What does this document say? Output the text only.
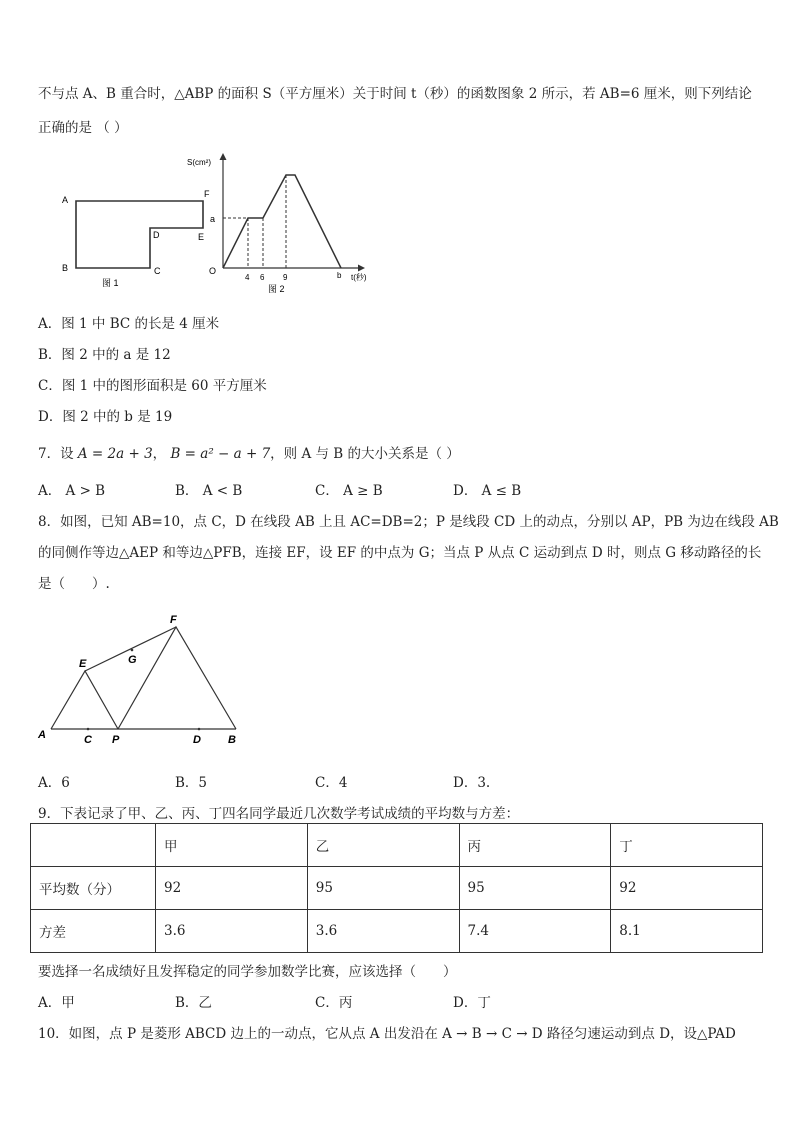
不与点 A、B 重合时，△ABP 的面积 S（平方厘米）关于时间 t（秒）的函数图象 2 所示，若 AB=6 厘米，则下列结论
正确的是 （ ）
A
B	C
D	E
F
图 1
S(cm²)
O
a
4 6 9	b t(秒)
图 2
A．图 1 中 BC 的长是 4 厘米
B．图 2 中的 a 是 12
C．图 1 中的图形面积是 60 平方厘米
D．图 2 中的 b 是 19
7．设 A = 2a + 3， B = a² − a + 7，则 A 与 B 的大小关系是（ ）
A． A > B	B． A < B	C． A ≥ B	D． A ≤ B
8．如图，已知 AB=10，点 C，D 在线段 AB 上且 AC=DB=2；P 是线段 CD 上的动点，分别以 AP，PB 为边在线段 AB
的同侧作等边△AEP 和等边△PFB，连接 EF，设 EF 的中点为 G；当点 P 从点 C 运动到点 D 时，则点 G 移动路径的长
是（　　）.
F
E	G
A	C P	D B
A．6	B．5	C．4	D．3.
9．下表记录了甲、乙、丙、丁四名同学最近几次数学考试成绩的平均数与方差：
	甲	乙	丙	丁
平均数（分）	92	95	95	92
方差	3.6	3.6	7.4	8.1
要选择一名成绩好且发挥稳定的同学参加数学比赛，应该选择（　　）
A．甲	B．乙	C．丙	D．丁
10．如图，点 P 是菱形 ABCD 边上的一动点，它从点 A 出发沿在 A → B → C → D 路径匀速运动到点 D，设△PAD
